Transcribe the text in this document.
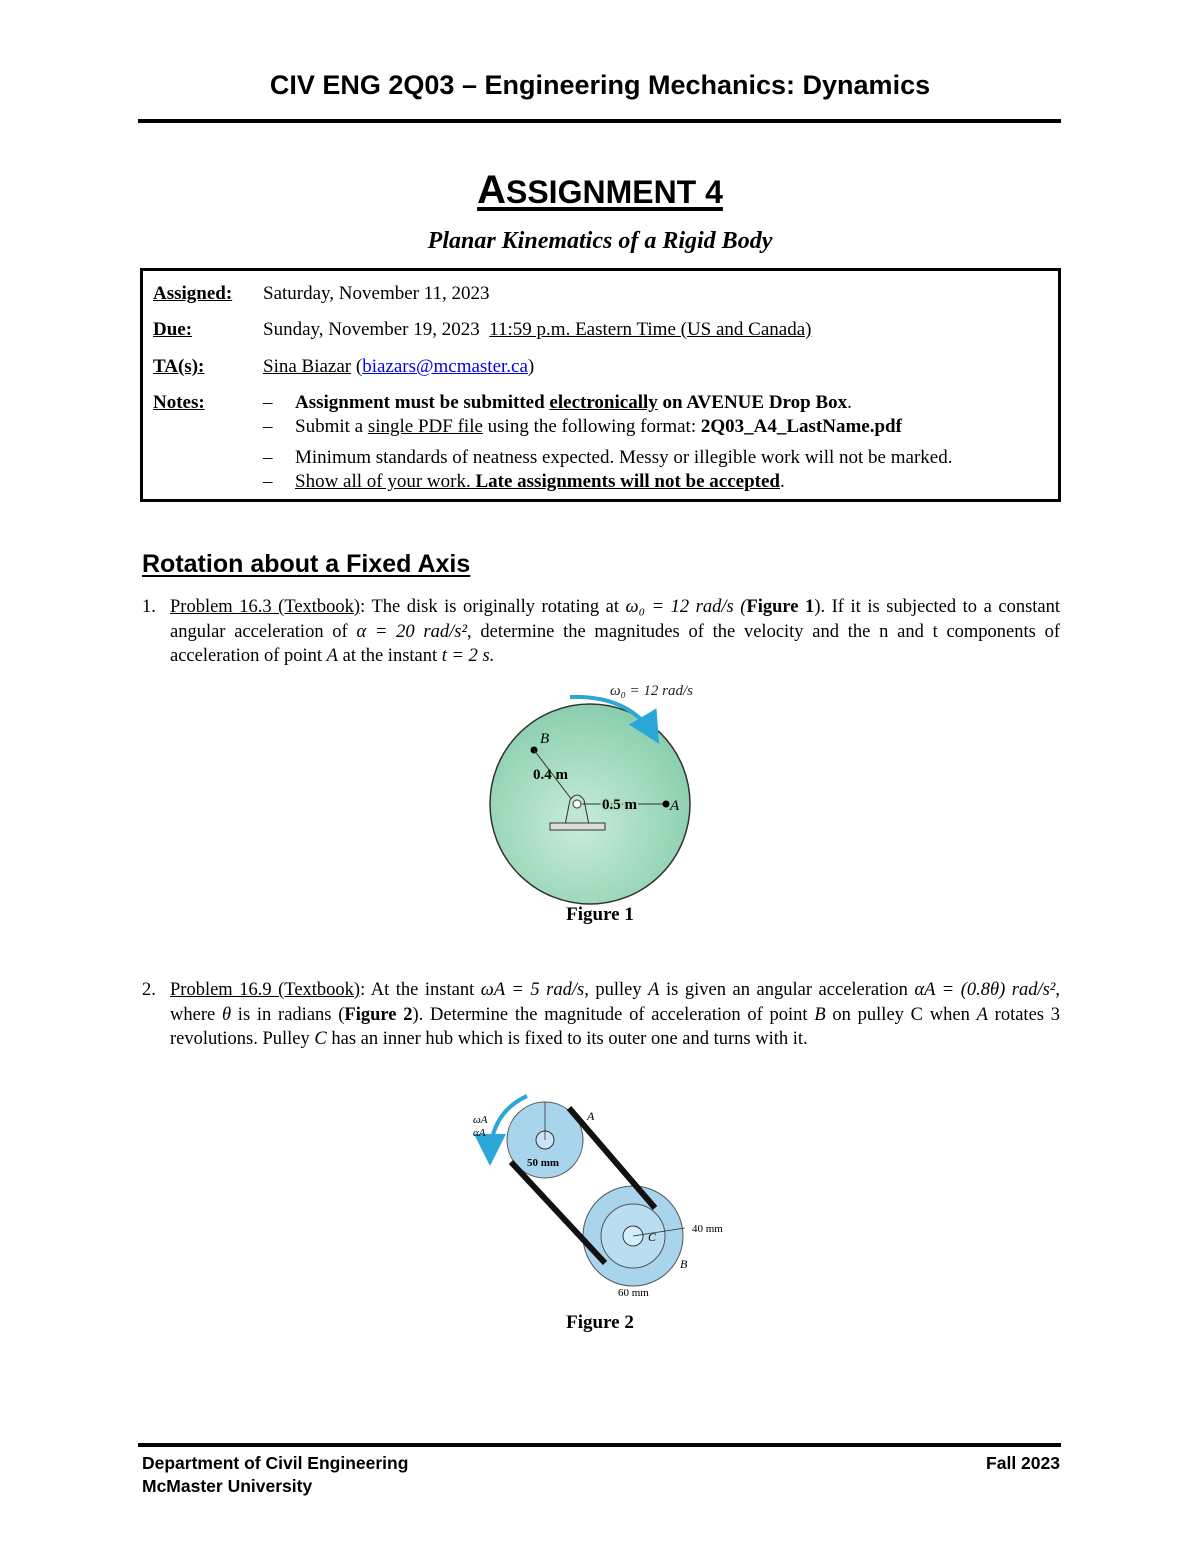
CIV ENG 2Q03 – Engineering Mechanics: Dynamics
ASSIGNMENT 4
Planar Kinematics of a Rigid Body
Assigned: Saturday, November 11, 2023
Due:	Sunday, November 19, 2023 11:59 p.m. Eastern Time (US and Canada)
TA(s):	Sina Biazar (biazars@mcmaster.ca)
Notes:	– Assignment must be submitted electronically on AVENUE Drop Box.
– Submit a single PDF file using the following format: 2Q03_A4_LastName.pdf
– Minimum standards of neatness expected. Messy or illegible work will not be marked.
– Show all of your work. Late assignments will not be accepted.
Rotation about a Fixed Axis
1. Problem 16.3 (Textbook): The disk is originally rotating at ω₀ = 12 rad/s (Figure 1). If it is subjected to a constant angular acceleration of α = 20 rad/s², determine the magnitudes of the velocity and the n and t components of acceleration of point A at the instant t = 2 s.
ω₀ = 12 rad/s
B
0.4 m
0.5 m A
Figure 1
2. Problem 16.9 (Textbook): At the instant ωA = 5 rad/s, pulley A is given an angular acceleration αA = (0.8θ) rad/s², where θ is in radians (Figure 2). Determine the magnitude of acceleration of point B on pulley C when A rotates 3 revolutions. Pulley C has an inner hub which is fixed to its outer one and turns with it.
ωA
αA
50 mm
A
40 mm
C
B
60 mm
Figure 2
Department of Civil Engineering
McMaster University
Fall 2023
